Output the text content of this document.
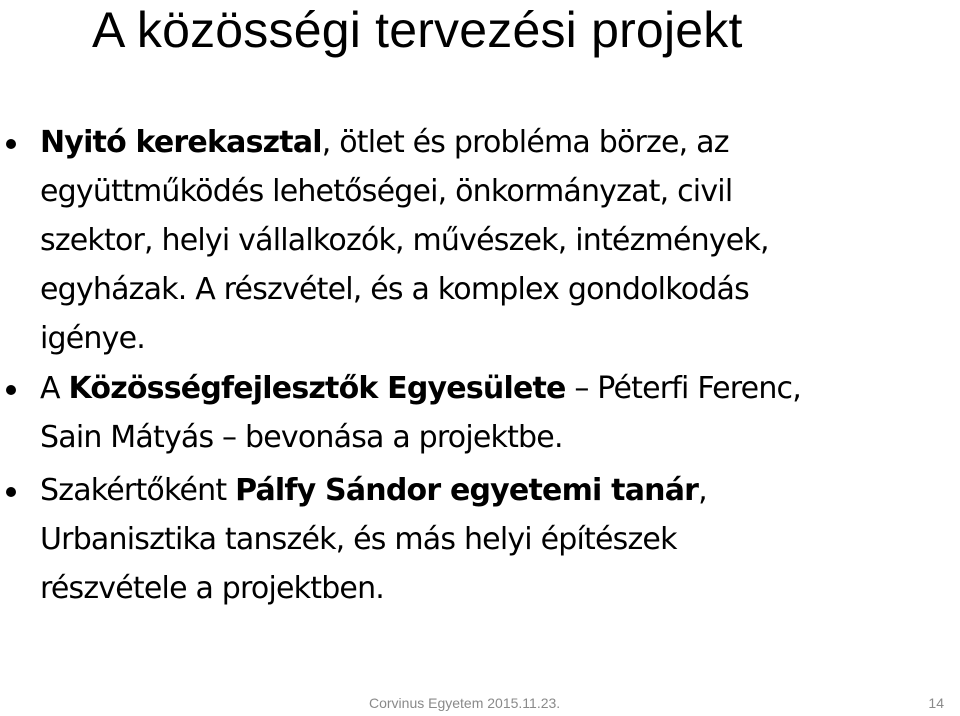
A közösségi tervezési projekt
Nyitó kerekasztal, ötlet és probléma börze, az
együttműködés lehetőségei, önkormányzat, civil
szektor, helyi vállalkozók, művészek, intézmények,
egyházak. A részvétel, és a komplex gondolkodás
igénye.
A Közösségfejlesztők Egyesülete – Péterfi Ferenc,
Sain Mátyás – bevonása a projektbe.
Szakértőként Pálfy Sándor egyetemi tanár,
Urbanisztika tanszék, és más helyi építészek
részvétele a projektben.
Corvinus Egyetem 2015.11.23.	14
